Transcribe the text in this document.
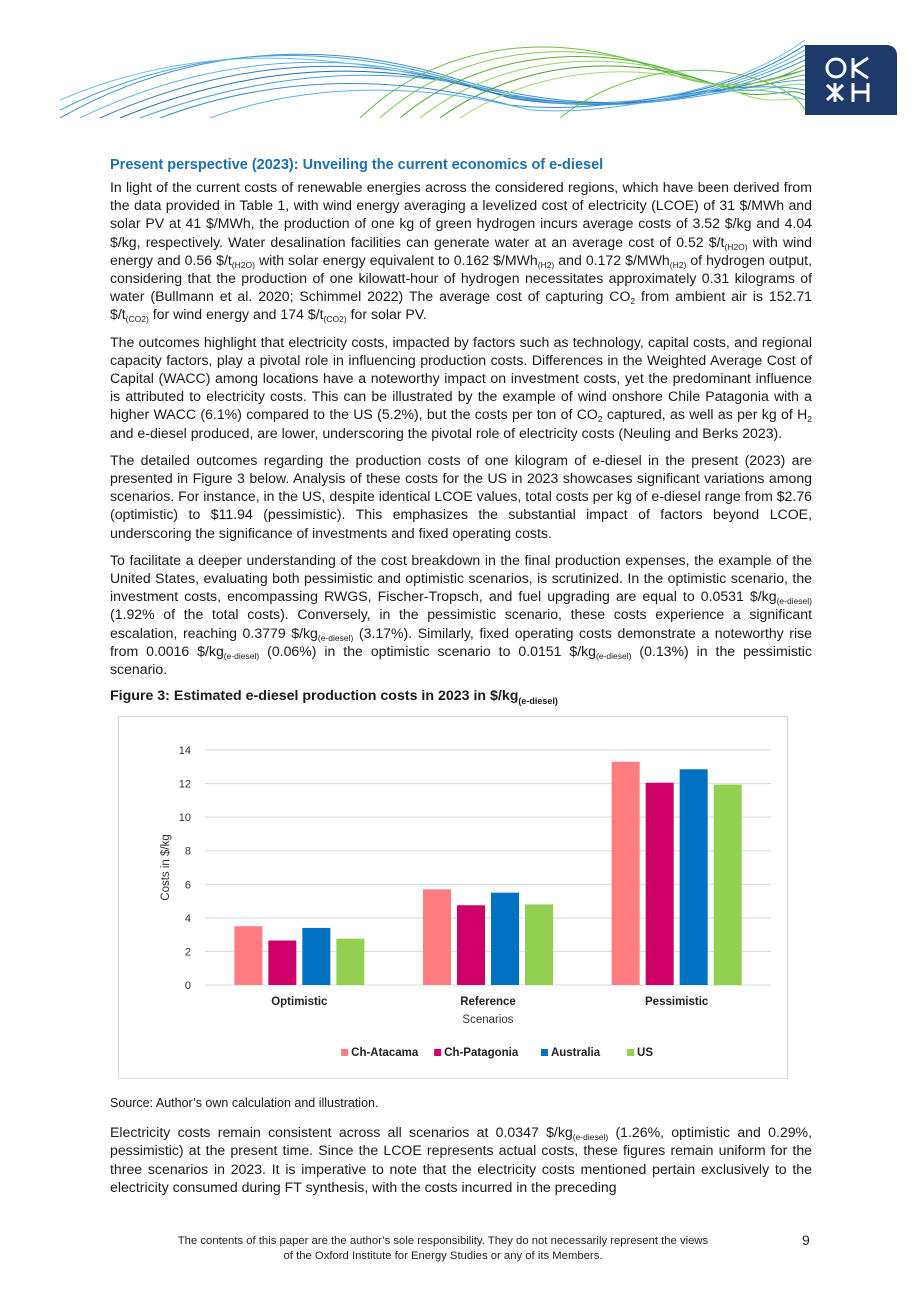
Present perspective (2023): Unveiling the current economics of e-diesel

In light of the current costs of renewable energies across the considered regions, which have been derived from the data provided in Table 1, with wind energy averaging a levelized cost of electricity (LCOE) of 31 $/MWh and solar PV at 41 $/MWh, the production of one kg of green hydrogen incurs average costs of 3.52 $/kg and 4.04 $/kg, respectively. Water desalination facilities can generate water at an average cost of 0.52 $\$/t_{(H2O)}$ with wind energy and 0.56 $\$/t_{(H2O)}$ with solar energy equivalent to 0.162 $/MWh$_{(H2)}$ and 0.172 $/MWh$_{(H2)}$ of hydrogen output, considering that the production of one kilowatt-hour of hydrogen necessitates approximately 0.31 kilograms of water (Bullmann et al. 2020; Schimmel 2022) The average cost of capturing $CO_2$ from ambient air is 152.71 $\$/t_{(CO2)}$ for wind energy and 174 $\$/t_{(CO2)}$ for solar PV.

The outcomes highlight that electricity costs, impacted by factors such as technology, capital costs, and regional capacity factors, play a pivotal role in influencing production costs. Differences in the Weighted Average Cost of Capital (WACC) among locations have a noteworthy impact on investment costs, yet the predominant influence is attributed to electricity costs. This can be illustrated by the example of wind onshore Chile Patagonia with a higher WACC (6.1%) compared to the US (5.2%), but the costs per ton of $CO_2$ captured, as well as per kg of $H_2$ and e-diesel produced, are lower, underscoring the pivotal role of electricity costs (Neuling and Berks 2023).

The detailed outcomes regarding the production costs of one kilogram of e-diesel in the present (2023) are presented in Figure 3 below. Analysis of these costs for the US in 2023 showcases significant variations among scenarios. For instance, in the US, despite identical LCOE values, total costs per kg of e-diesel range from $2.76 (optimistic) to $11.94 (pessimistic). This emphasizes the substantial impact of factors beyond LCOE, underscoring the significance of investments and fixed operating costs.

To facilitate a deeper understanding of the cost breakdown in the final production expenses, the example of the United States, evaluating both pessimistic and optimistic scenarios, is scrutinized. In the optimistic scenario, the investment costs, encompassing RWGS, Fischer-Tropsch, and fuel upgrading are equal to 0.0531 $\$/kg_{(e-diesel)}$ (1.92% of the total costs). Conversely, in the pessimistic scenario, these costs experience a significant escalation, reaching 0.3779 $\$/kg_{(e-diesel)}$ (3.17%). Similarly, fixed operating costs demonstrate a noteworthy rise from 0.0016 $\$/kg_{(e-diesel)}$ (0.06%) in the optimistic scenario to 0.0151 $\$/kg_{(e-diesel)}$ (0.13%) in the pessimistic scenario.

Figure 3: Estimated e-diesel production costs in 2023 in $\$/kg_{(e-diesel)}$
0
2
4
6
8
10
12
14
Costs in $/kg
Optimistic	Reference	Pessimistic
Scenarios
Ch-Atacama Ch-Patagonia	Australia	US
Source: Author’s own calculation and illustration.

Electricity costs remain consistent across all scenarios at 0.0347 $\$/kg_{(e-diesel)}$ (1.26%, optimistic and 0.29%, pessimistic) at the present time. Since the LCOE represents actual costs, these figures remain uniform for the three scenarios in 2023. It is imperative to note that the electricity costs mentioned pertain exclusively to the electricity consumed during FT synthesis, with the costs incurred in the preceding

The contents of this paper are the author’s sole responsibility. They do not necessarily represent the views
of the Oxford Institute for Energy Studies or any of its Members.
9
